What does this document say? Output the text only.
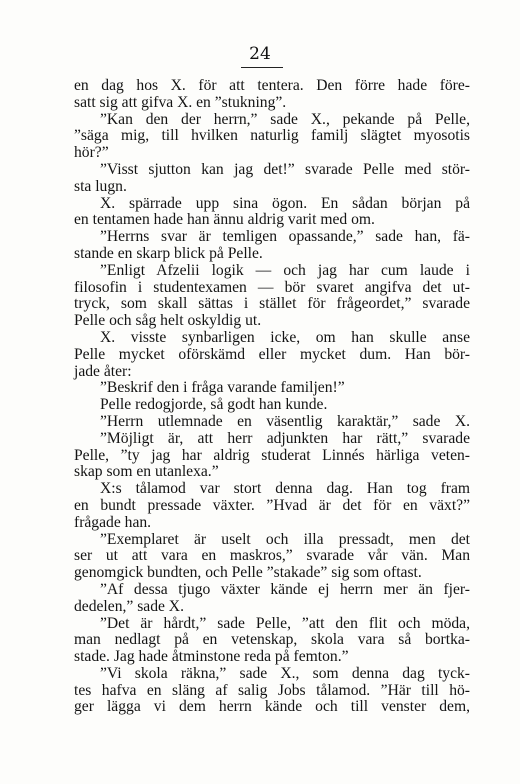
24
en dag hos X. för att tentera. Den förre hade före-
satt sig att gifva X. en ”stukning”.
”Kan den der herrn,” sade X., pekande på Pelle,
”säga mig, till hvilken naturlig familj slägtet myosotis
hör?”
”Visst sjutton kan jag det!” svarade Pelle med stör-
sta lugn.
X. spärrade upp sina ögon. En sådan början på
en tentamen hade han ännu aldrig varit med om.
”Herrns svar är temligen opassande,” sade han, fä-
stande en skarp blick på Pelle.
”Enligt Afzelii logik — och jag har cum laude i
filosofin i studentexamen — bör svaret angifva det ut-
tryck, som skall sättas i stället för frågeordet,” svarade
Pelle och såg helt oskyldig ut.
X. visste synbarligen icke, om han skulle anse
Pelle mycket oförskämd eller mycket dum. Han bör-
jade åter:
”Beskrif den i fråga varande familjen!”
Pelle redogjorde, så godt han kunde.
”Herrn utlemnade en väsentlig karaktär,” sade X.
”Möjligt är, att herr adjunkten har rätt,” svarade
Pelle, ”ty jag har aldrig studerat Linnés härliga veten-
skap som en utanlexa.”
X:s tålamod var stort denna dag. Han tog fram
en bundt pressade växter. ”Hvad är det för en växt?”
frågade han.
”Exemplaret är uselt och illa pressadt, men det
ser ut att vara en maskros,” svarade vår vän. Man
genomgick bundten, och Pelle ”stakade” sig som oftast.
”Af dessa tjugo växter kände ej herrn mer än fjer-
dedelen,” sade X.
”Det är hårdt,” sade Pelle, ”att den flit och möda,
man nedlagt på en vetenskap, skola vara så bortka-
stade. Jag hade åtminstone reda på femton.”
”Vi skola räkna,” sade X., som denna dag tyck-
tes hafva en släng af salig Jobs tålamod. ”Här till hö-
ger lägga vi dem herrn kände och till venster dem,
